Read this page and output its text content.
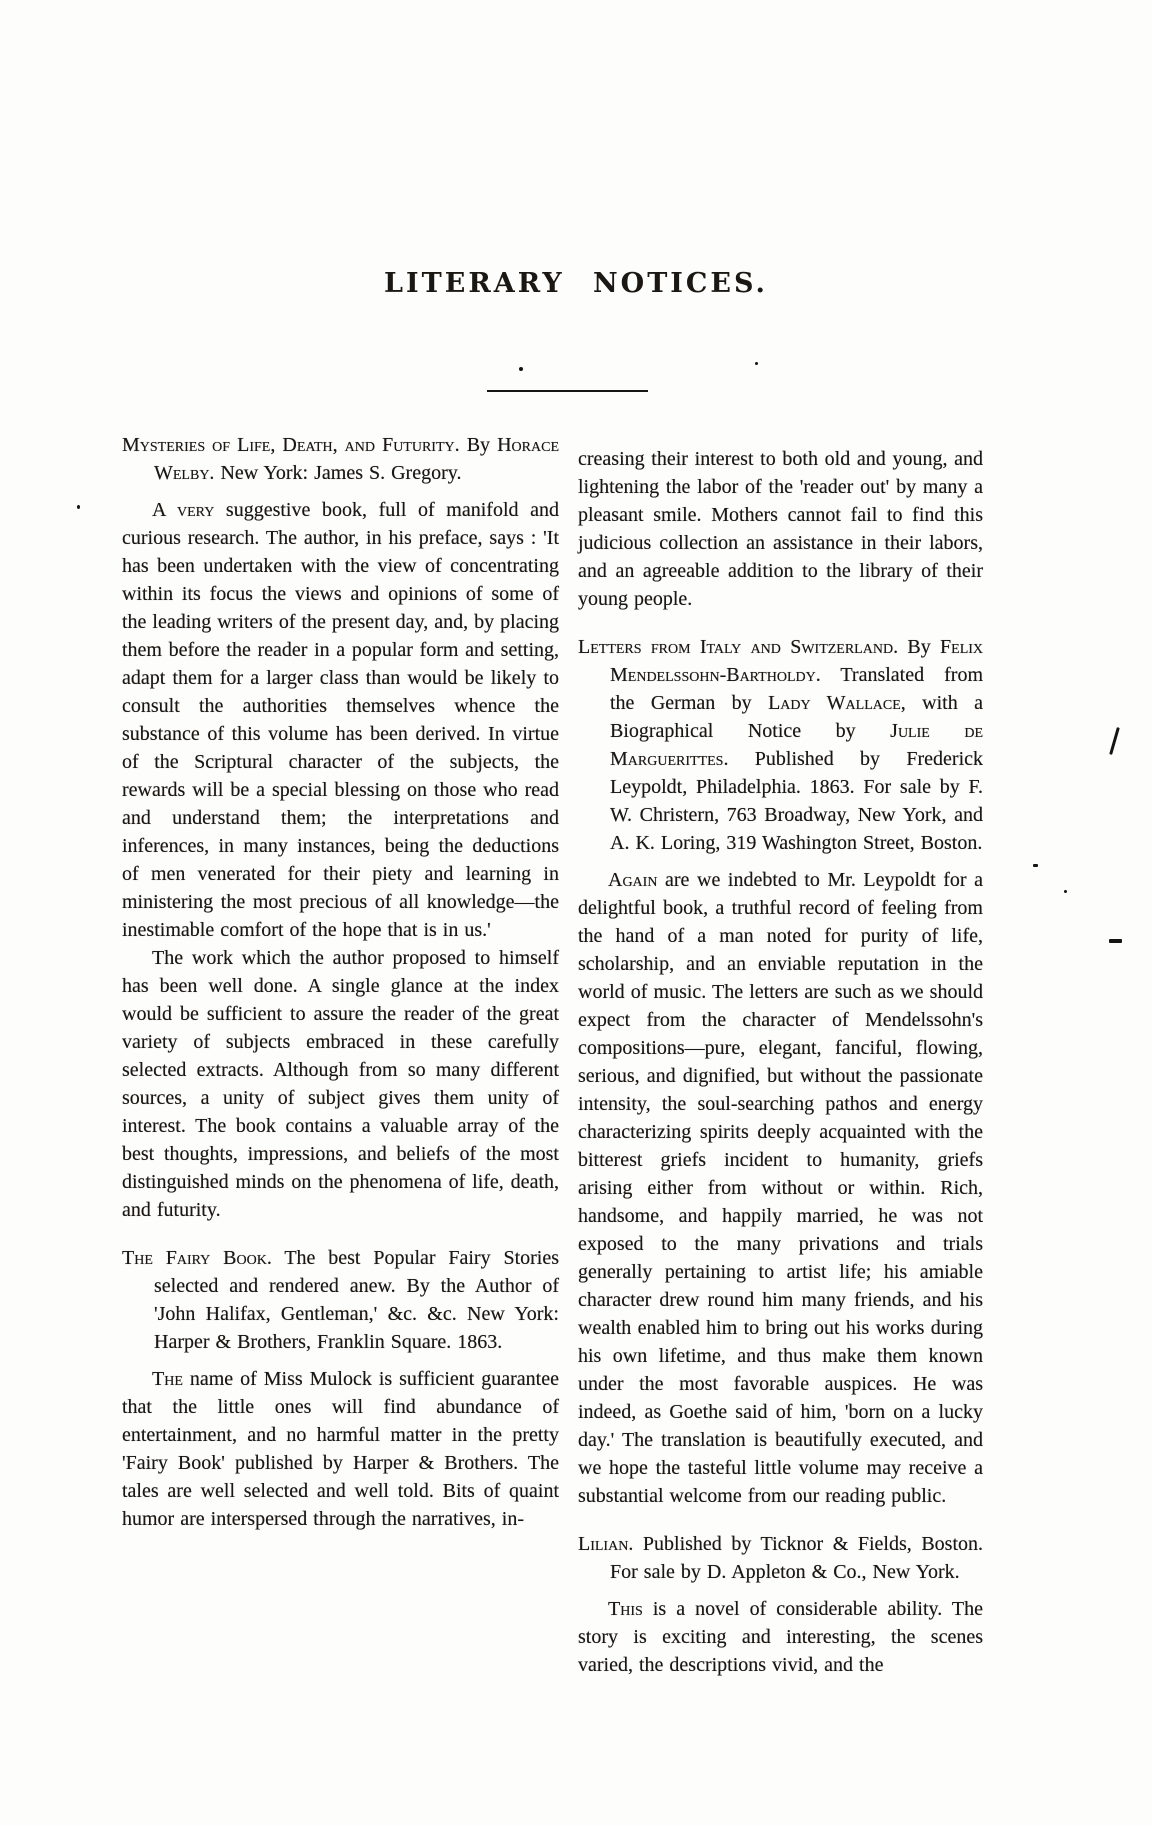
LITERARY NOTICES.

Mysteries of Life, Death, and Futurity. By Horace Welby. New York: James S. Gregory.

A very suggestive book, full of manifold and curious research. The author, in his preface, says : 'It has been undertaken with the view of concentrating within its focus the views and opinions of some of the leading writers of the present day, and, by placing them before the reader in a popular form and setting, adapt them for a larger class than would be likely to consult the authorities themselves whence the substance of this volume has been derived. In virtue of the Scriptural character of the subjects, the rewards will be a special blessing on those who read and understand them; the interpretations and inferences, in many instances, being the deductions of men venerated for their piety and learning in ministering the most precious of all knowledge—the inestimable comfort of the hope that is in us.'

The work which the author proposed to himself has been well done. A single glance at the index would be sufficient to assure the reader of the great variety of subjects embraced in these carefully selected extracts. Although from so many different sources, a unity of subject gives them unity of interest. The book contains a valuable array of the best thoughts, impressions, and beliefs of the most distinguished minds on the phenomena of life, death, and futurity.

The Fairy Book. The best Popular Fairy Stories selected and rendered anew. By the Author of 'John Halifax, Gentleman,' &c. &c. New York: Harper & Brothers, Franklin Square. 1863.

The name of Miss Mulock is sufficient guarantee that the little ones will find abundance of entertainment, and no harmful matter in the pretty 'Fairy Book' published by Harper & Brothers. The tales are well selected and well told. Bits of quaint humor are interspersed through the narratives, in-

creasing their interest to both old and young, and lightening the labor of the 'reader out' by many a pleasant smile. Mothers cannot fail to find this judicious collection an assistance in their labors, and an agreeable addition to the library of their young people.

Letters from Italy and Switzerland. By Felix Mendelssohn-Bartholdy. Translated from the German by Lady Wallace, with a Biographical Notice by Julie de Marguerittes. Published by Frederick Leypoldt, Philadelphia. 1863. For sale by F. W. Christern, 763 Broadway, New York, and A. K. Loring, 319 Washington Street, Boston.

Again are we indebted to Mr. Leypoldt for a delightful book, a truthful record of feeling from the hand of a man noted for purity of life, scholarship, and an enviable reputation in the world of music. The letters are such as we should expect from the character of Mendelssohn's compositions—pure, elegant, fanciful, flowing, serious, and dignified, but without the passionate intensity, the soul-searching pathos and energy characterizing spirits deeply acquainted with the bitterest griefs incident to humanity, griefs arising either from without or within. Rich, handsome, and happily married, he was not exposed to the many privations and trials generally pertaining to artist life; his amiable character drew round him many friends, and his wealth enabled him to bring out his works during his own lifetime, and thus make them known under the most favorable auspices. He was indeed, as Goethe said of him, 'born on a lucky day.' The translation is beautifully executed, and we hope the tasteful little volume may receive a substantial welcome from our reading public.

Lilian. Published by Ticknor & Fields, Boston. For sale by D. Appleton & Co., New York.

This is a novel of considerable ability. The story is exciting and interesting, the scenes varied, the descriptions vivid, and the
